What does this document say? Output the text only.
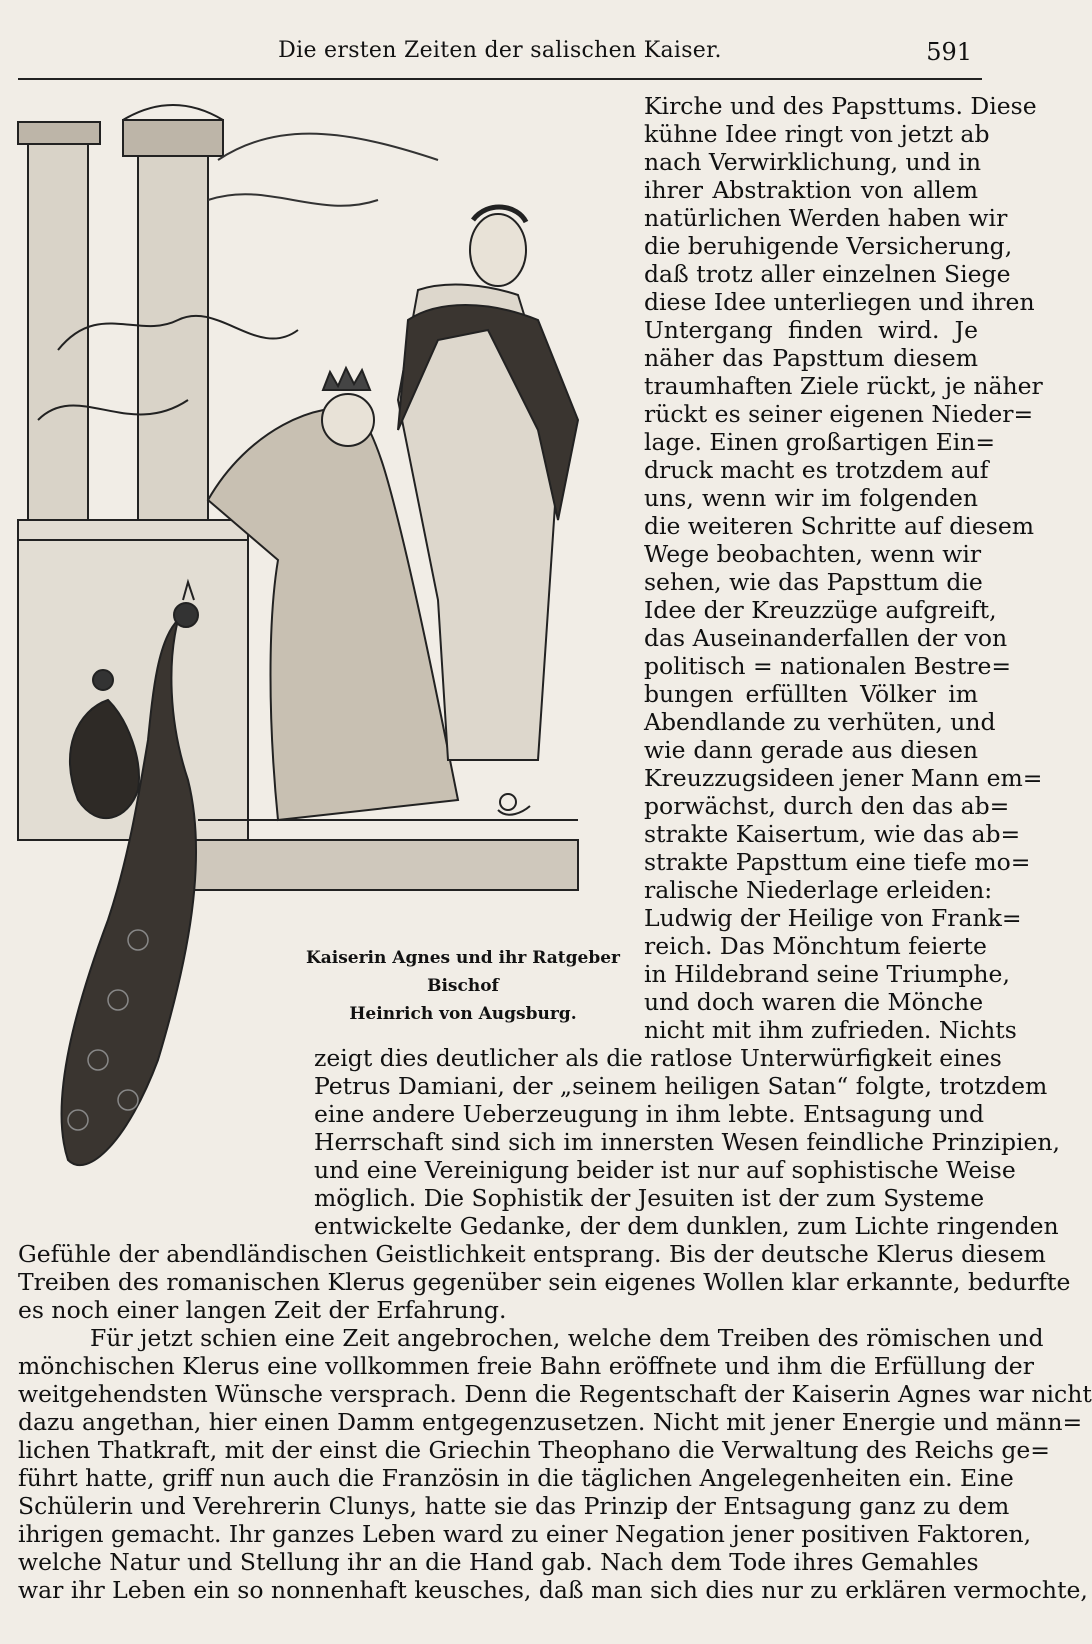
Die ersten Zeiten der salischen Kaiser.	591
Kaiserin Agnes und ihr Ratgeber Bischof
Heinrich von Augsburg.
Kirche und des Papsttums. Diese
kühne Idee ringt von jetzt ab
nach Verwirklichung, und in
ihrer Abstraktion von allem
natürlichen Werden haben wir
die beruhigende Versicherung,
daß trotz aller einzelnen Siege
diese Idee unterliegen und ihren
Untergang finden wird. Je
näher das Papsttum diesem
traumhaften Ziele rückt, je näher
rückt es seiner eigenen Nieder=
lage. Einen großartigen Ein=
druck macht es trotzdem auf
uns, wenn wir im folgenden
die weiteren Schritte auf diesem
Wege beobachten, wenn wir
sehen, wie das Papsttum die
Idee der Kreuzzüge aufgreift,
das Auseinanderfallen der von
politisch = nationalen Bestre=
bungen erfüllten Völker im
Abendlande zu verhüten, und
wie dann gerade aus diesen
Kreuzzugsideen jener Mann em=
porwächst, durch den das ab=
strakte Kaisertum, wie das ab=
strakte Papsttum eine tiefe mo=
ralische Niederlage erleiden:
Ludwig der Heilige von Frank=
reich. Das Mönchtum feierte
in Hildebrand seine Triumphe,
und doch waren die Mönche
nicht mit ihm zufrieden. Nichts
zeigt dies deutlicher als die ratlose Unterwürfigkeit eines
Petrus Damiani, der „seinem heiligen Satan“ folgte, trotzdem
eine andere Ueberzeugung in ihm lebte. Entsagung und
Herrschaft sind sich im innersten Wesen feindliche Prinzipien,
und eine Vereinigung beider ist nur auf sophistische Weise
möglich. Die Sophistik der Jesuiten ist der zum Systeme
entwickelte Gedanke, der dem dunklen, zum Lichte ringenden
Gefühle der abendländischen Geistlichkeit entsprang. Bis der deutsche Klerus diesem
Treiben des romanischen Klerus gegenüber sein eigenes Wollen klar erkannte, bedurfte
es noch einer langen Zeit der Erfahrung.
Für jetzt schien eine Zeit angebrochen, welche dem Treiben des römischen und
mönchischen Klerus eine vollkommen freie Bahn eröffnete und ihm die Erfüllung der
weitgehendsten Wünsche versprach. Denn die Regentschaft der Kaiserin Agnes war nicht
dazu angethan, hier einen Damm entgegenzusetzen. Nicht mit jener Energie und männ=
lichen Thatkraft, mit der einst die Griechin Theophano die Verwaltung des Reichs ge=
führt hatte, griff nun auch die Französin in die täglichen Angelegenheiten ein. Eine
Schülerin und Verehrerin Clunys, hatte sie das Prinzip der Entsagung ganz zu dem
ihrigen gemacht. Ihr ganzes Leben ward zu einer Negation jener positiven Faktoren,
welche Natur und Stellung ihr an die Hand gab. Nach dem Tode ihres Gemahles
war ihr Leben ein so nonnenhaft keusches, daß man sich dies nur zu erklären vermochte,
